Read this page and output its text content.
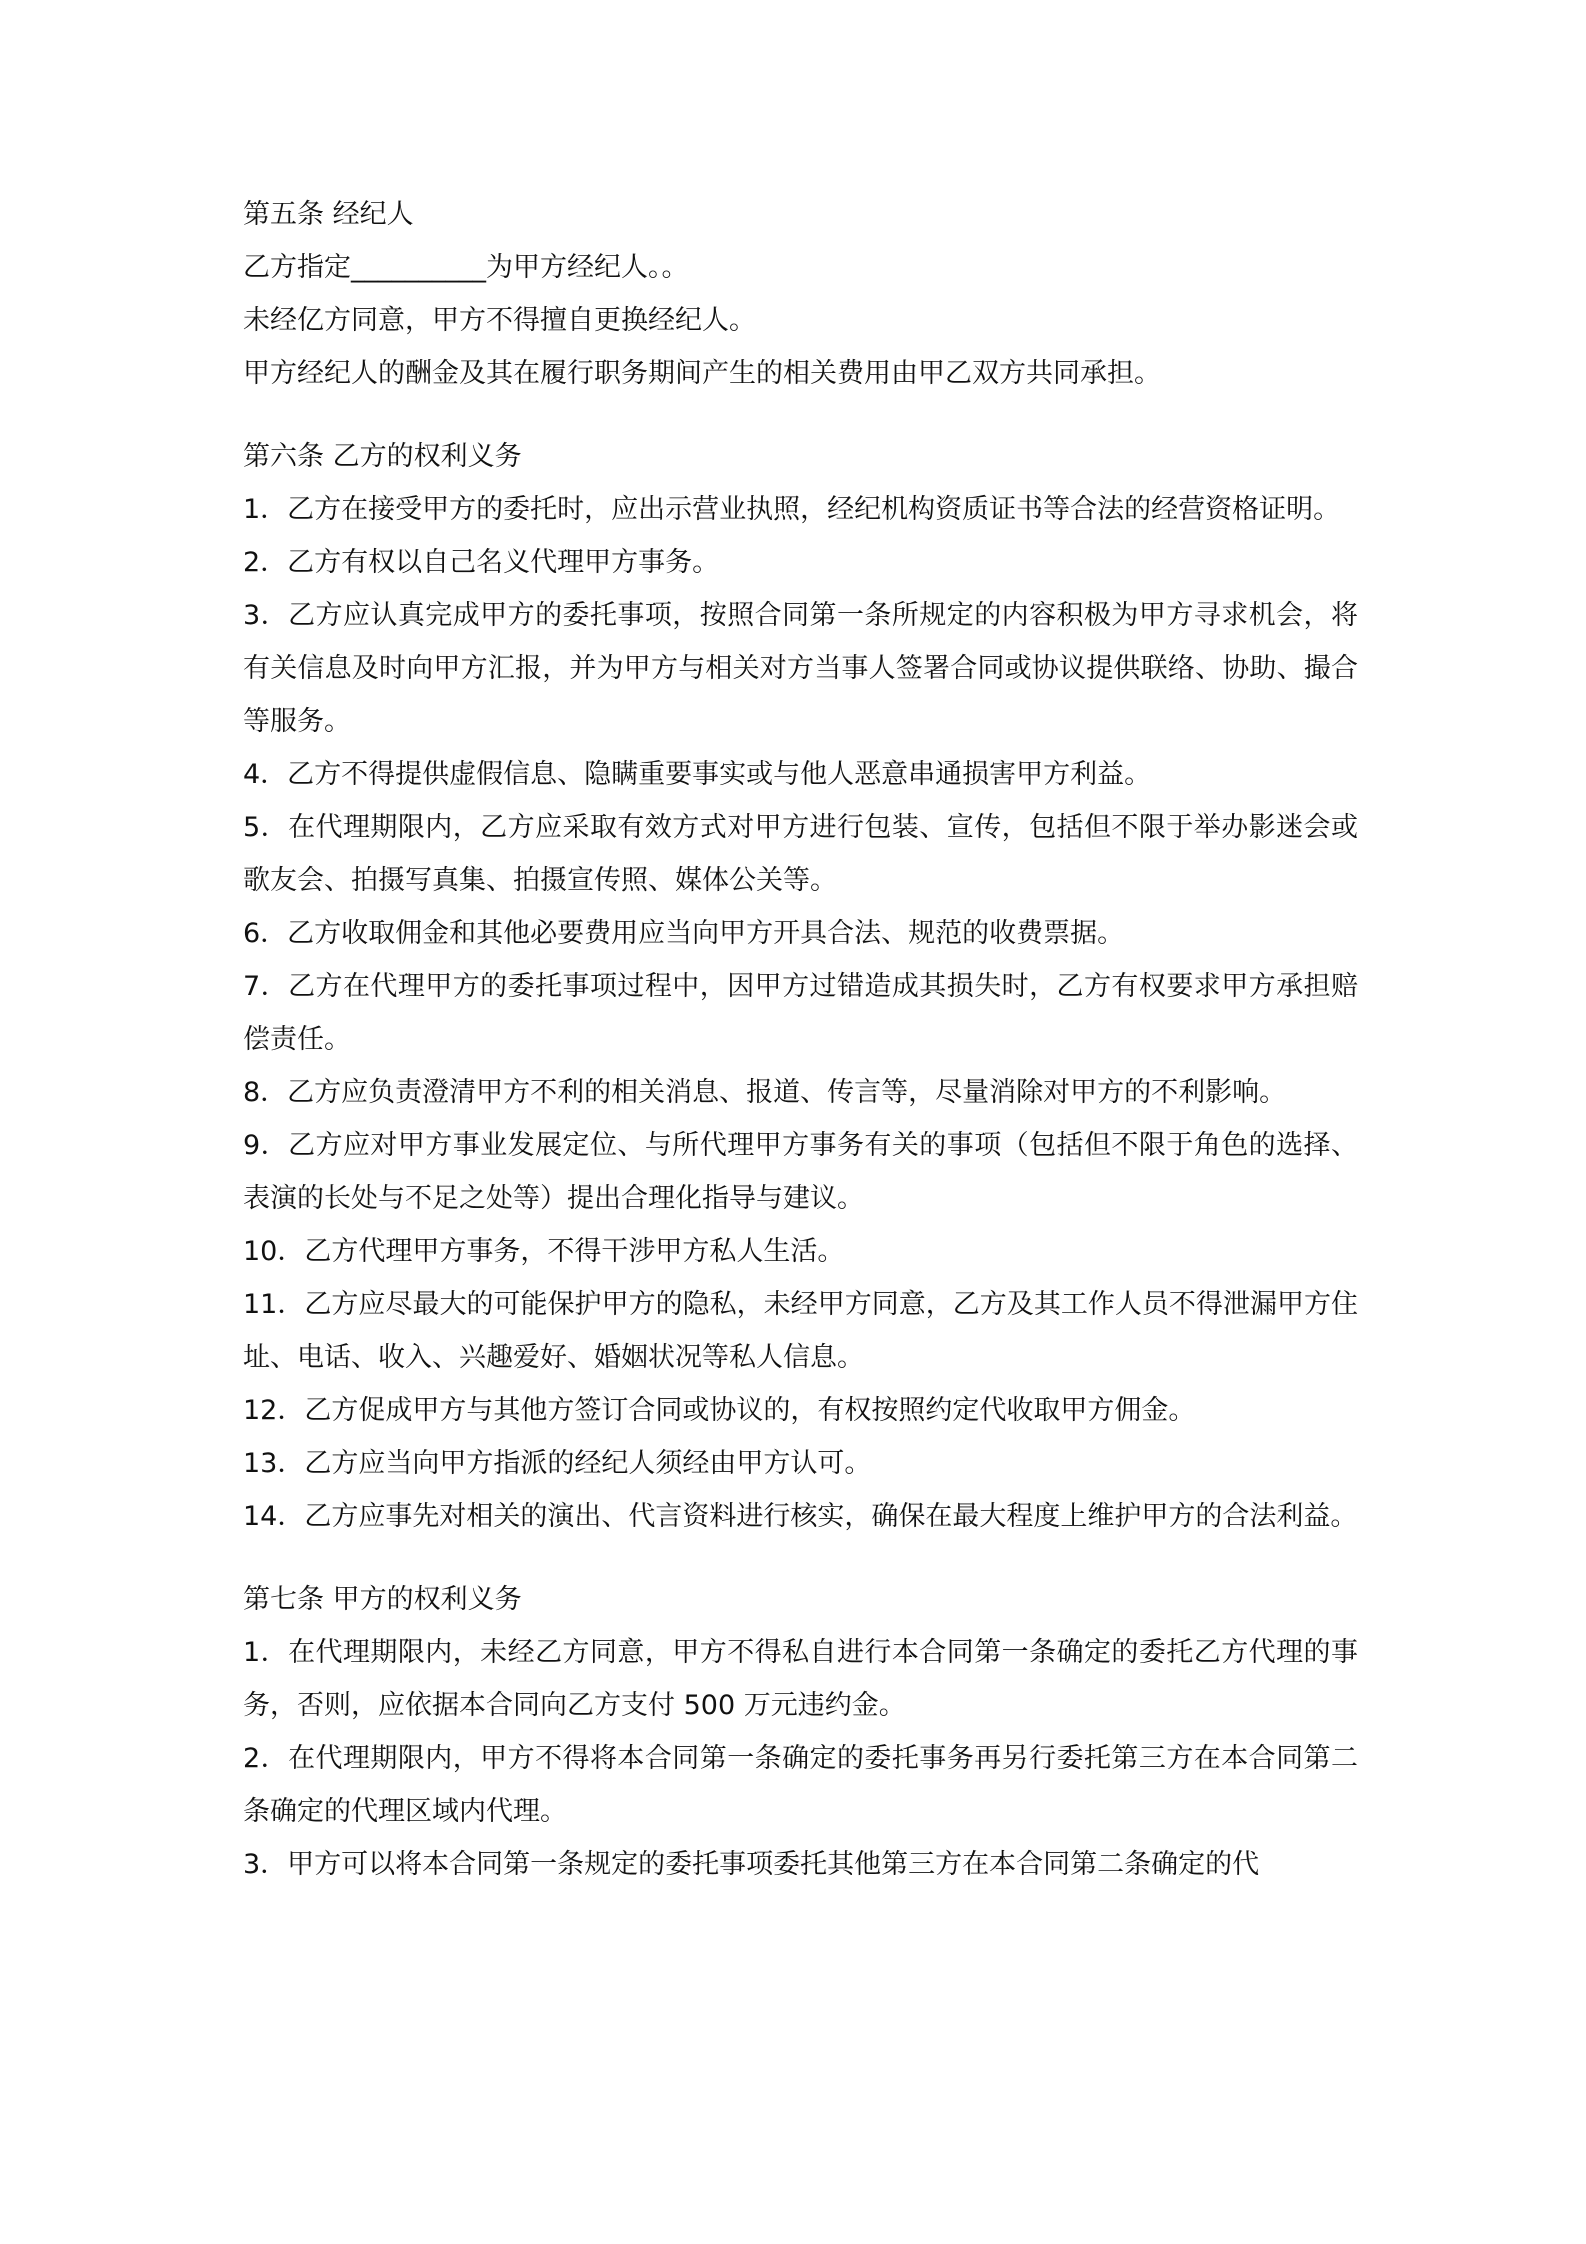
第五条 经纪人

乙方指定__________为甲方经纪人。。

未经亿方同意，甲方不得擅自更换经纪人。

甲方经纪人的酬金及其在履行职务期间产生的相关费用由甲乙双方共同承担。

第六条 乙方的权利义务

1．乙方在接受甲方的委托时，应出示营业执照，经纪机构资质证书等合法的经营资格证明。

2．乙方有权以自己名义代理甲方事务。

3．乙方应认真完成甲方的委托事项，按照合同第一条所规定的内容积极为甲方寻求机会，将有关信息及时向甲方汇报，并为甲方与相关对方当事人签署合同或协议提供联络、协助、撮合等服务。

4．乙方不得提供虚假信息、隐瞒重要事实或与他人恶意串通损害甲方利益。

5．在代理期限内，乙方应采取有效方式对甲方进行包装、宣传，包括但不限于举办影迷会或歌友会、拍摄写真集、拍摄宣传照、媒体公关等。

6．乙方收取佣金和其他必要费用应当向甲方开具合法、规范的收费票据。

7．乙方在代理甲方的委托事项过程中，因甲方过错造成其损失时，乙方有权要求甲方承担赔偿责任。

8．乙方应负责澄清甲方不利的相关消息、报道、传言等，尽量消除对甲方的不利影响。

9．乙方应对甲方事业发展定位、与所代理甲方事务有关的事项（包括但不限于角色的选择、表演的长处与不足之处等）提出合理化指导与建议。

10．乙方代理甲方事务，不得干涉甲方私人生活。

11．乙方应尽最大的可能保护甲方的隐私，未经甲方同意，乙方及其工作人员不得泄漏甲方住址、电话、收入、兴趣爱好、婚姻状况等私人信息。

12．乙方促成甲方与其他方签订合同或协议的，有权按照约定代收取甲方佣金。

13．乙方应当向甲方指派的经纪人须经由甲方认可。

14．乙方应事先对相关的演出、代言资料进行核实，确保在最大程度上维护甲方的合法利益。

第七条 甲方的权利义务

1．在代理期限内，未经乙方同意，甲方不得私自进行本合同第一条确定的委托乙方代理的事务，否则，应依据本合同向乙方支付 500 万元违约金。

2．在代理期限内，甲方不得将本合同第一条确定的委托事务再另行委托第三方在本合同第二条确定的代理区域内代理。

3．甲方可以将本合同第一条规定的委托事项委托其他第三方在本合同第二条确定的代
